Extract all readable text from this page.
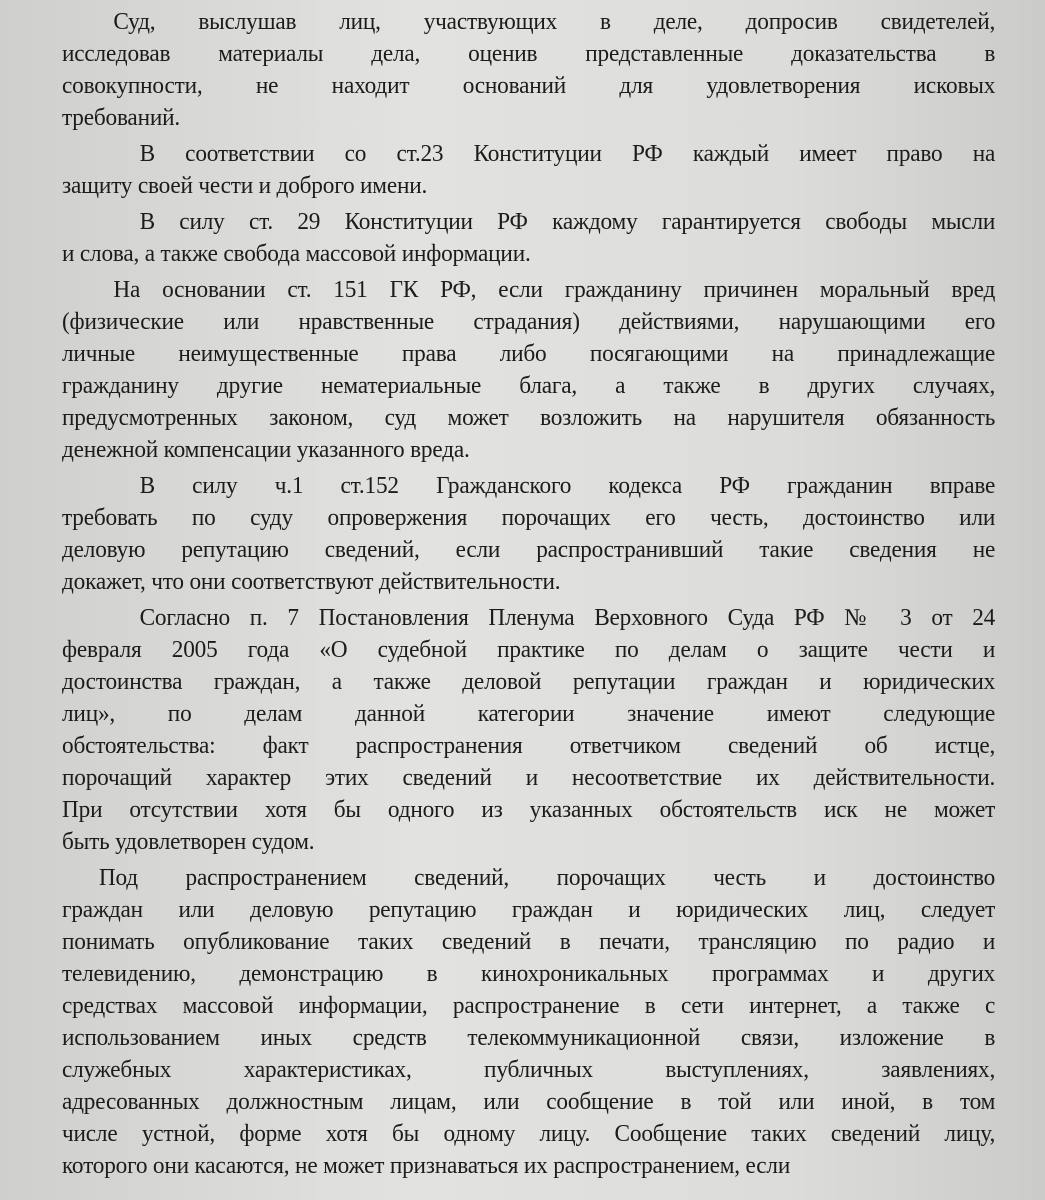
Суд, выслушав лиц, участвующих в деле, допросив свидетелей,
исследовав материалы дела, оценив представленные доказательства в
совокупности, не находит оснований для удовлетворения исковых
требований.
В соответствии со ст.23 Конституции РФ каждый имеет право на
защиту своей чести и доброго имени.
В силу ст. 29 Конституции РФ каждому гарантируется свободы мысли
и слова, а также свобода массовой информации.
На основании ст. 151 ГК РФ, если гражданину причинен моральный вред
(физические или нравственные страдания) действиями, нарушающими его
личные неимущественные права либо посягающими на принадлежащие
гражданину другие нематериальные блага, а также в других случаях,
предусмотренных законом, суд может возложить на нарушителя обязанность
денежной компенсации указанного вреда.
В силу ч.1 ст.152 Гражданского кодекса РФ гражданин вправе
требовать по суду опровержения порочащих его честь, достоинство или
деловую репутацию сведений, если распространивший такие сведения не
докажет, что они соответствуют действительности.
Согласно п. 7 Постановления Пленума Верховного Суда РФ № 3 от 24
февраля 2005 года «О судебной практике по делам о защите чести и
достоинства граждан, а также деловой репутации граждан и юридических
лиц», по делам данной категории значение имеют следующие
обстоятельства: факт распространения ответчиком сведений об истце,
порочащий характер этих сведений и несоответствие их действительности.
При отсутствии хотя бы одного из указанных обстоятельств иск не может
быть удовлетворен судом.
Под распространением сведений, порочащих честь и достоинство
граждан или деловую репутацию граждан и юридических лиц, следует
понимать опубликование таких сведений в печати, трансляцию по радио и
телевидению, демонстрацию в кинохроникальных программах и других
средствах массовой информации, распространение в сети интернет, а также с
использованием иных средств телекоммуникационной связи, изложение в
служебных характеристиках, публичных выступлениях, заявлениях,
адресованных должностным лицам, или сообщение в той или иной, в том
числе устной, форме хотя бы одному лицу. Сообщение таких сведений лицу,
которого они касаются, не может признаваться их распространением, если
